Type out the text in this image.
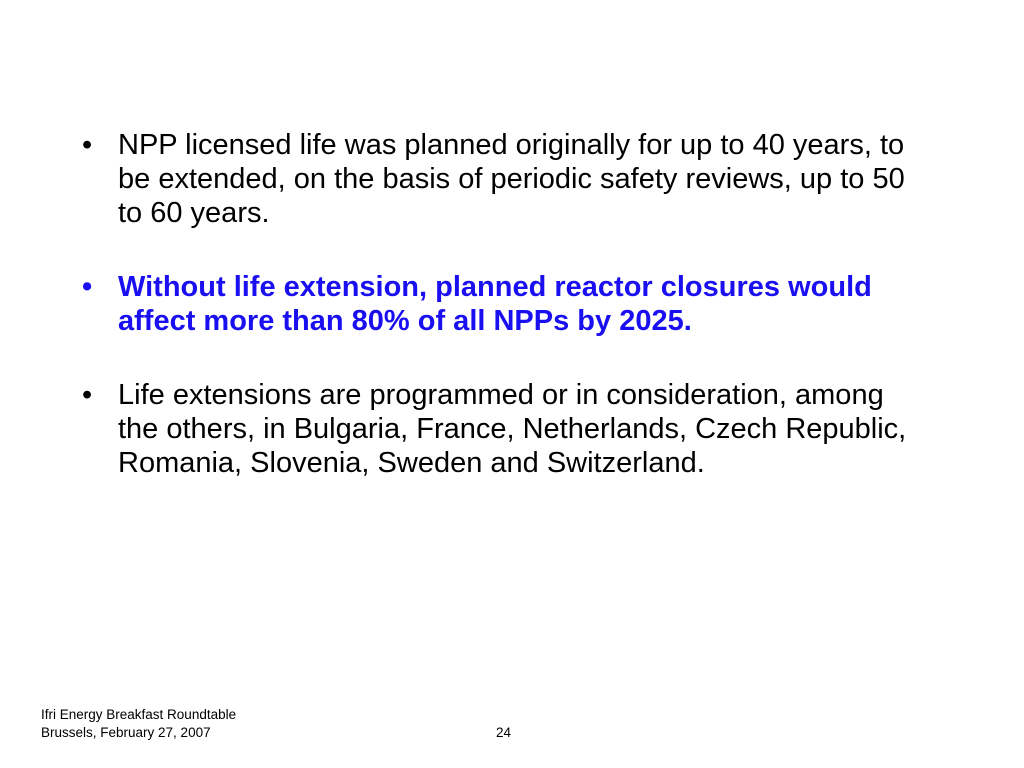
• NPP licensed life was planned originally for up to 40 years, to be extended, on the basis of periodic safety reviews, up to 50 to 60 years.
• Without life extension, planned reactor closures would affect more than 80% of all NPPs by 2025.
• Life extensions are programmed or in consideration, among the others, in Bulgaria, France, Netherlands, Czech Republic, Romania, Slovenia, Sweden and Switzerland.
Ifri Energy Breakfast Roundtable
Brussels, February 27, 2007	24
